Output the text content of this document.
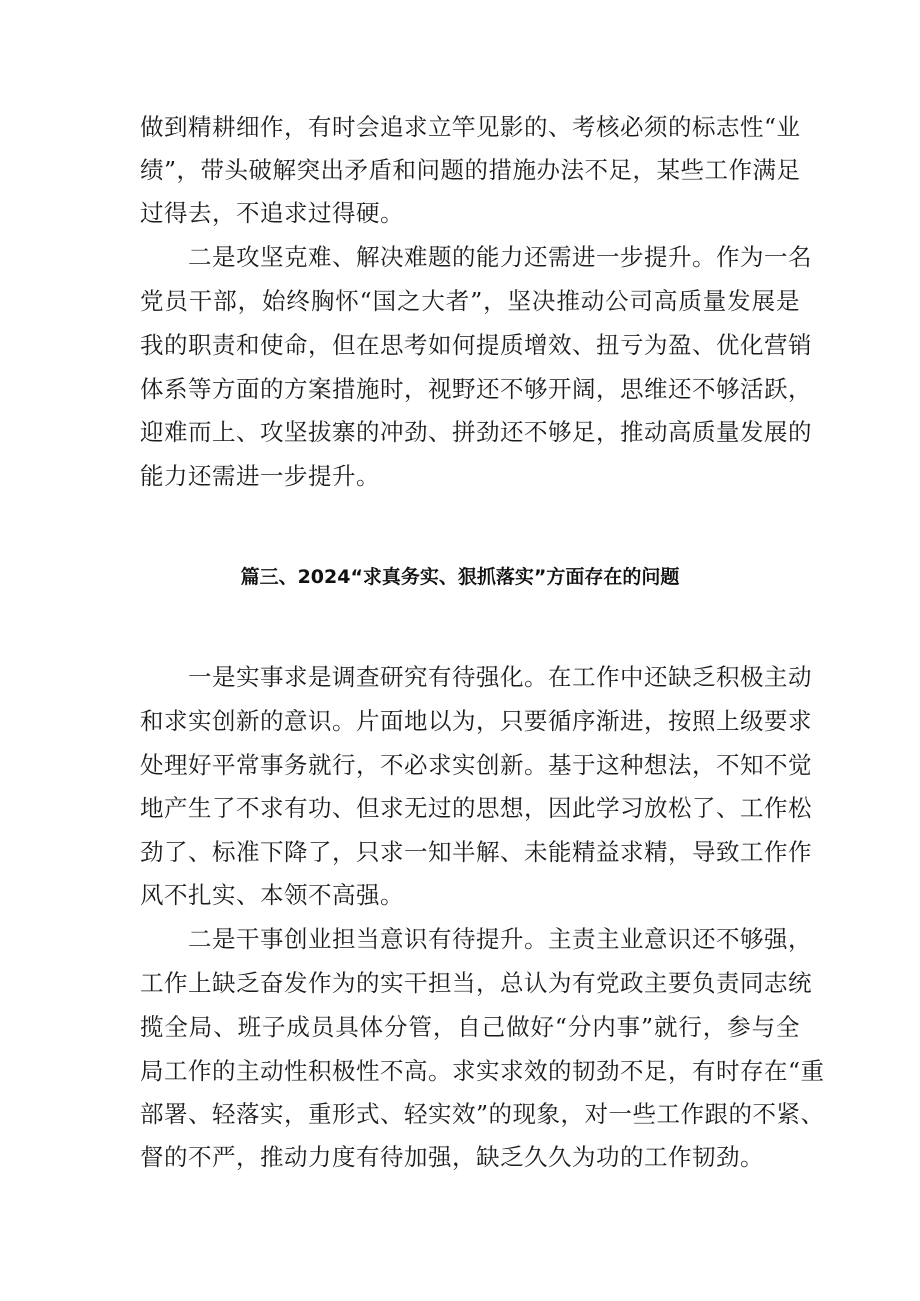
做到精耕细作，有时会追求立竿见影的、考核必须的标志性“业
绩”，带头破解突出矛盾和问题的措施办法不足，某些工作满足
过得去，不追求过得硬。
二是攻坚克难、解决难题的能力还需进一步提升。作为一名
党员干部，始终胸怀“国之大者”，坚决推动公司高质量发展是
我的职责和使命，但在思考如何提质增效、扭亏为盈、优化营销
体系等方面的方案措施时，视野还不够开阔，思维还不够活跃，
迎难而上、攻坚拔寨的冲劲、拼劲还不够足，推动高质量发展的
能力还需进一步提升。
篇三、2024“求真务实、狠抓落实”方面存在的问题
一是实事求是调查研究有待强化。在工作中还缺乏积极主动
和求实创新的意识。片面地以为，只要循序渐进，按照上级要求
处理好平常事务就行，不必求实创新。基于这种想法，不知不觉
地产生了不求有功、但求无过的思想，因此学习放松了、工作松
劲了、标准下降了，只求一知半解、未能精益求精，导致工作作
风不扎实、本领不高强。
二是干事创业担当意识有待提升。主责主业意识还不够强，
工作上缺乏奋发作为的实干担当，总认为有党政主要负责同志统
揽全局、班子成员具体分管，自己做好“分内事”就行，参与全
局工作的主动性积极性不高。求实求效的韧劲不足，有时存在“重
部署、轻落实，重形式、轻实效”的现象，对一些工作跟的不紧、
督的不严，推动力度有待加强，缺乏久久为功的工作韧劲。
